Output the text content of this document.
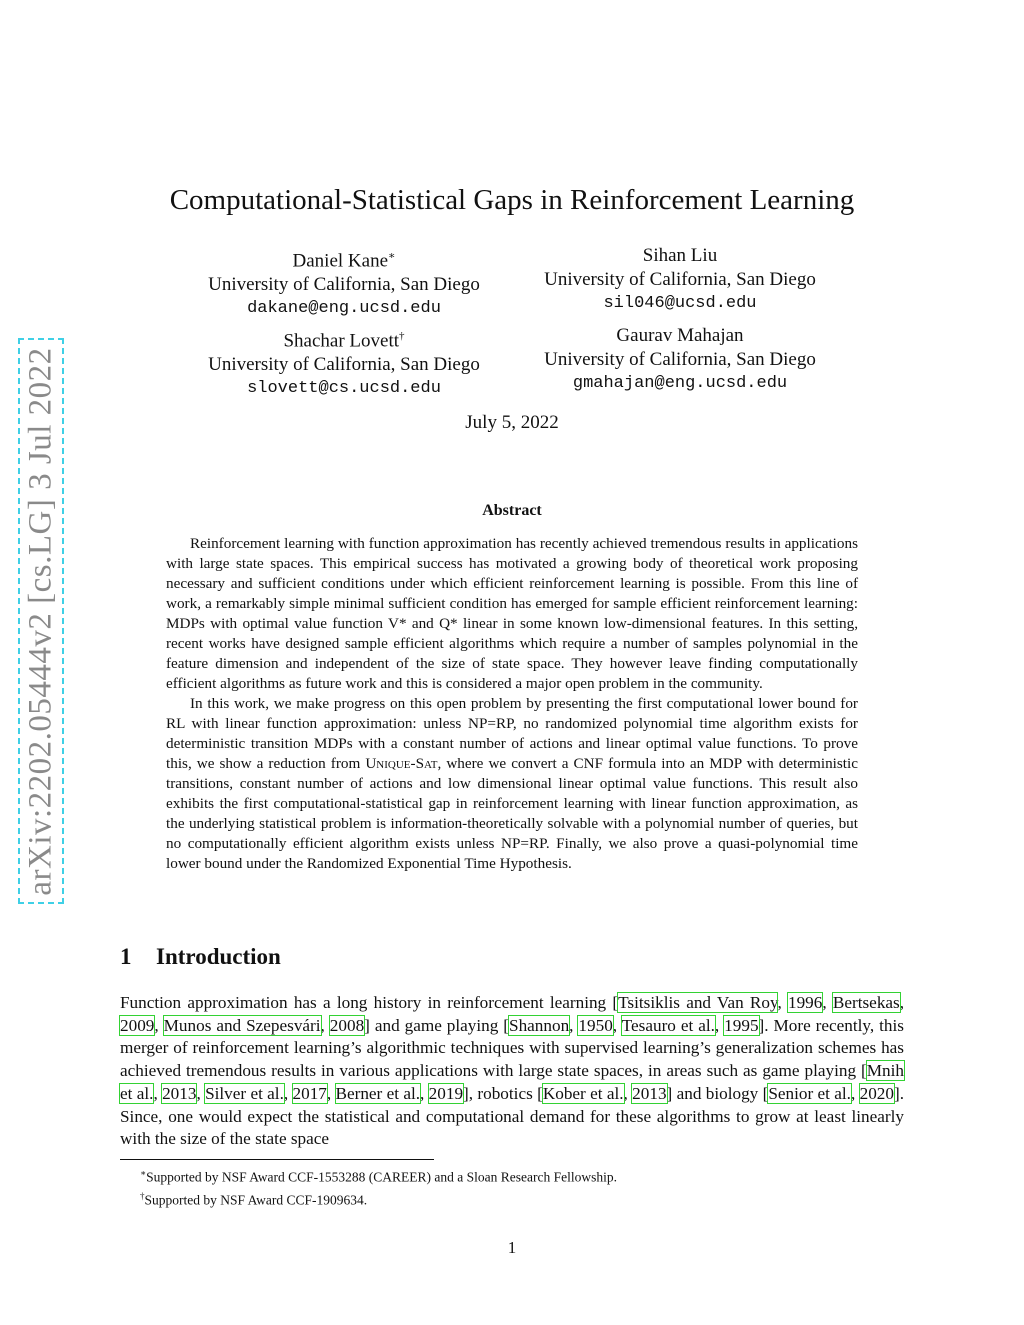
arXiv:2202.05444v2 [cs.LG] 3 Jul 2022
Computational-Statistical Gaps in Reinforcement Learning
Daniel Kane∗
University of California, San Diego
dakane@eng.ucsd.edu
Sihan Liu
University of California, San Diego
sil046@ucsd.edu
Shachar Lovett†
University of California, San Diego
slovett@cs.ucsd.edu
Gaurav Mahajan
University of California, San Diego
gmahajan@eng.ucsd.edu
July 5, 2022
Abstract

Reinforcement learning with function approximation has recently achieved tremendous results in applications with large state spaces. This empirical success has motivated a growing body of theoretical work proposing necessary and sufficient conditions under which efficient reinforcement learning is possible. From this line of work, a remarkably simple minimal sufficient condition has emerged for sample efficient reinforcement learning: MDPs with optimal value function V* and Q* linear in some known low-dimensional features. In this setting, recent works have designed sample efficient algorithms which require a number of samples polynomial in the feature dimension and independent of the size of state space. They however leave finding computationally efficient algorithms as future work and this is considered a major open problem in the community.

In this work, we make progress on this open problem by presenting the first computational lower bound for RL with linear function approximation: unless NP=RP, no randomized polynomial time algorithm exists for deterministic transition MDPs with a constant number of actions and linear optimal value functions. To prove this, we show a reduction from Unique-Sat, where we convert a CNF formula into an MDP with deterministic transitions, constant number of actions and low dimensional linear optimal value functions. This result also exhibits the first computational-statistical gap in reinforcement learning with linear function approximation, as the underlying statistical problem is information-theoretically solvable with a polynomial number of queries, but no computationally efficient algorithm exists unless NP=RP. Finally, we also prove a quasi-polynomial time lower bound under the Randomized Exponential Time Hypothesis.

1 Introduction

Function approximation has a long history in reinforcement learning [Tsitsiklis and Van Roy, 1996, Bertsekas, 2009, Munos and Szepesvári, 2008] and game playing [Shannon, 1950, Tesauro et al., 1995]. More recently, this merger of reinforcement learning’s algorithmic techniques with supervised learning’s generalization schemes has achieved tremendous results in various applications with large state spaces, in areas such as game playing [Mnih et al., 2013, Silver et al., 2017, Berner et al., 2019], robotics [Kober et al., 2013] and biology [Senior et al., 2020]. Since, one would expect the statistical and computational demand for these algorithms to grow at least linearly with the size of the state space

∗Supported by NSF Award CCF-1553288 (CAREER) and a Sloan Research Fellowship.
†Supported by NSF Award CCF-1909634.
1
